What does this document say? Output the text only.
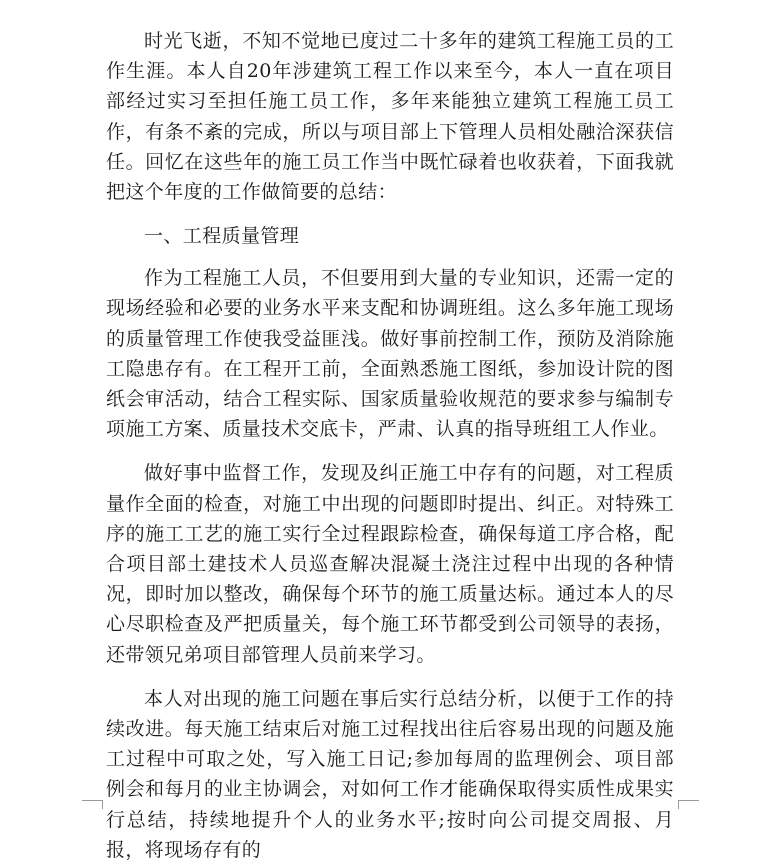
时光飞逝，不知不觉地已度过二十多年的建筑工程施工员的工作生涯。本人自20年涉建筑工程工作以来至今，本人一直在项目部经过实习至担任施工员工作，多年来能独立建筑工程施工员工作，有条不紊的完成，所以与项目部上下管理人员相处融洽深获信任。回忆在这些年的施工员工作当中既忙碌着也收获着，下面我就把这个年度的工作做简要的总结：

一、工程质量管理

作为工程施工人员，不但要用到大量的专业知识，还需一定的现场经验和必要的业务水平来支配和协调班组。这么多年施工现场的质量管理工作使我受益匪浅。做好事前控制工作，预防及消除施工隐患存有。在工程开工前，全面熟悉施工图纸，参加设计院的图纸会审活动，结合工程实际、国家质量验收规范的要求参与编制专项施工方案、质量技术交底卡，严肃、认真的指导班组工人作业。

做好事中监督工作，发现及纠正施工中存有的问题，对工程质量作全面的检查，对施工中出现的问题即时提出、纠正。对特殊工序的施工工艺的施工实行全过程跟踪检查，确保每道工序合格，配合项目部土建技术人员巡查解决混凝土浇注过程中出现的各种情况，即时加以整改，确保每个环节的施工质量达标。通过本人的尽心尽职检查及严把质量关，每个施工环节都受到公司领导的表扬，还带领兄弟项目部管理人员前来学习。

本人对出现的施工问题在事后实行总结分析，以便于工作的持续改进。每天施工结束后对施工过程找出往后容易出现的问题及施工过程中可取之处，写入施工日记;参加每周的监理例会、项目部例会和每月的业主协调会，对如何工作才能确保取得实质性成果实行总结，持续地提升个人的业务水平;按时向公司提交周报、月报，将现场存有的
